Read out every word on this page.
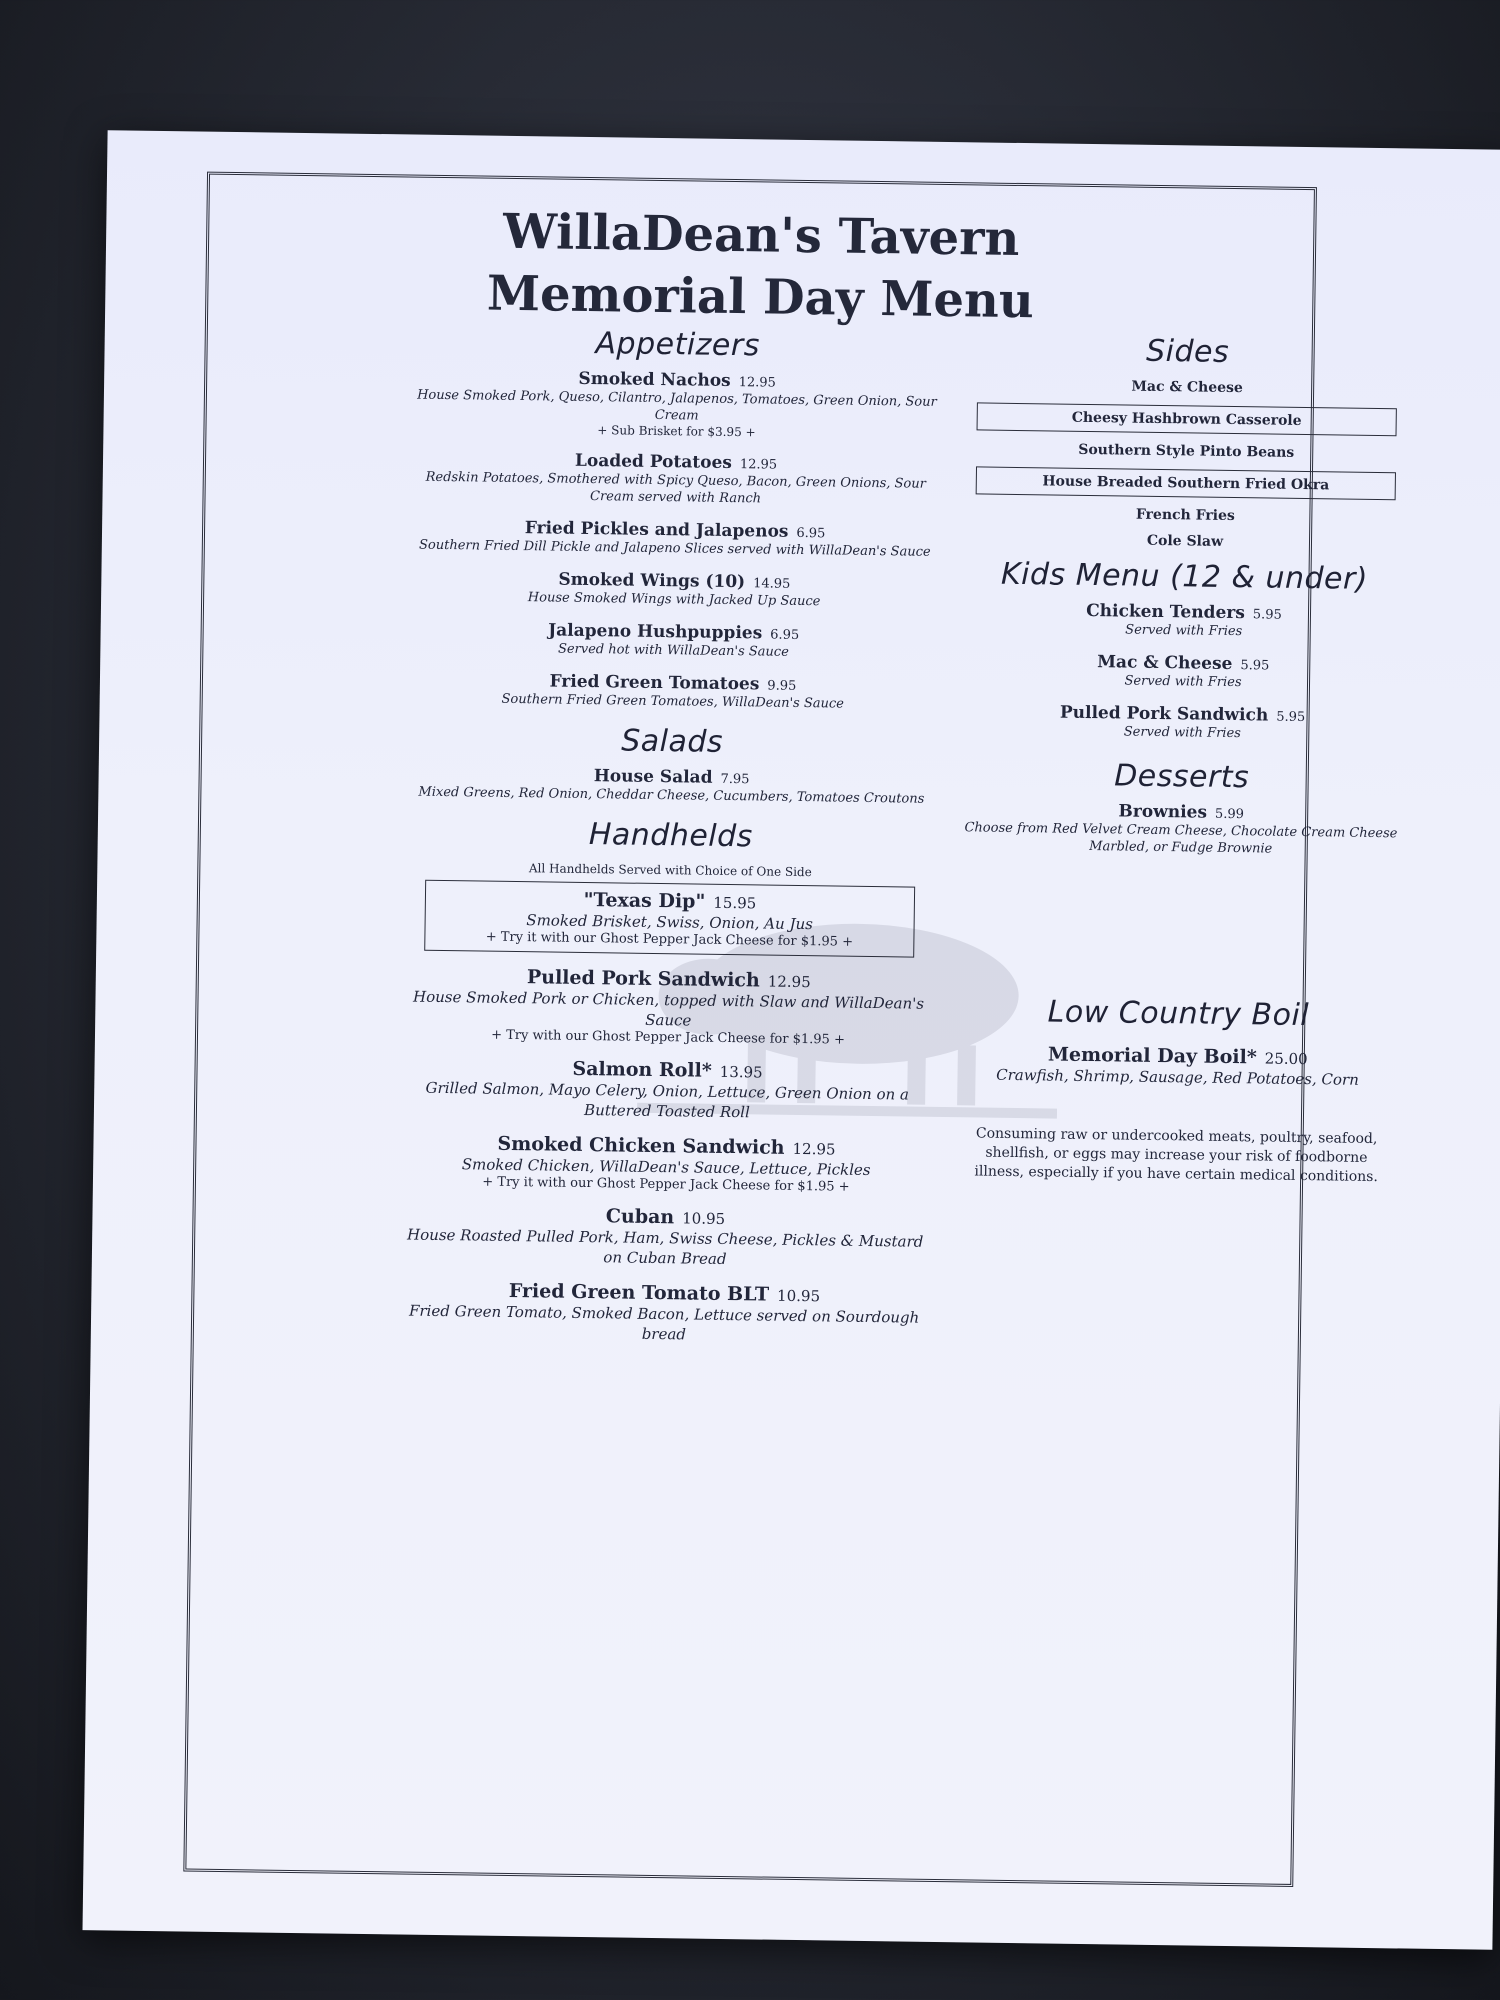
WillaDean's Tavern
Memorial Day Menu
Appetizers
Smoked Nachos 12.95
House Smoked Pork, Queso, Cilantro, Jalapenos, Tomatoes, Green Onion, Sour Cream
+ Sub Brisket for $3.95 +
Loaded Potatoes 12.95
Redskin Potatoes, Smothered with Spicy Queso, Bacon, Green Onions, Sour Cream served with Ranch
Fried Pickles and Jalapenos 6.95
Southern Fried Dill Pickle and Jalapeno Slices served with WillaDean's Sauce
Smoked Wings (10) 14.95
House Smoked Wings with Jacked Up Sauce
Jalapeno Hushpuppies 6.95
Served hot with WillaDean's Sauce
Fried Green Tomatoes 9.95
Southern Fried Green Tomatoes, WillaDean's Sauce
Salads
House Salad 7.95
Mixed Greens, Red Onion, Cheddar Cheese, Cucumbers, Tomatoes Croutons
Handhelds
All Handhelds Served with Choice of One Side
"Texas Dip" 15.95
Smoked Brisket, Swiss, Onion, Au Jus
+ Try it with our Ghost Pepper Jack Cheese for $1.95 +
Pulled Pork Sandwich 12.95
House Smoked Pork or Chicken, topped with Slaw and WillaDean's Sauce
+ Try with our Ghost Pepper Jack Cheese for $1.95 +
Salmon Roll* 13.95
Grilled Salmon, Mayo Celery, Onion, Lettuce, Green Onion on a Buttered Toasted Roll
Smoked Chicken Sandwich 12.95
Smoked Chicken, WillaDean's Sauce, Lettuce, Pickles
+ Try it with our Ghost Pepper Jack Cheese for $1.95 +
Cuban 10.95
House Roasted Pulled Pork, Ham, Swiss Cheese, Pickles & Mustard on Cuban Bread
Fried Green Tomato BLT 10.95
Fried Green Tomato, Smoked Bacon, Lettuce served on Sourdough bread
Sides
Mac & Cheese
Cheesy Hashbrown Casserole
Southern Style Pinto Beans
House Breaded Southern Fried Okra
French Fries
Cole Slaw
Kids Menu (12 & under)
Chicken Tenders 5.95
Served with Fries
Mac & Cheese 5.95
Served with Fries
Pulled Pork Sandwich 5.95
Served with Fries
Desserts
Brownies 5.99
Choose from Red Velvet Cream Cheese, Chocolate Cream Cheese Marbled, or Fudge Brownie
Low Country Boil
Memorial Day Boil* 25.00
Crawfish, Shrimp, Sausage, Red Potatoes, Corn
Consuming raw or undercooked meats, poultry, seafood, shellfish, or eggs may increase your risk of foodborne illness, especially if you have certain medical conditions.
